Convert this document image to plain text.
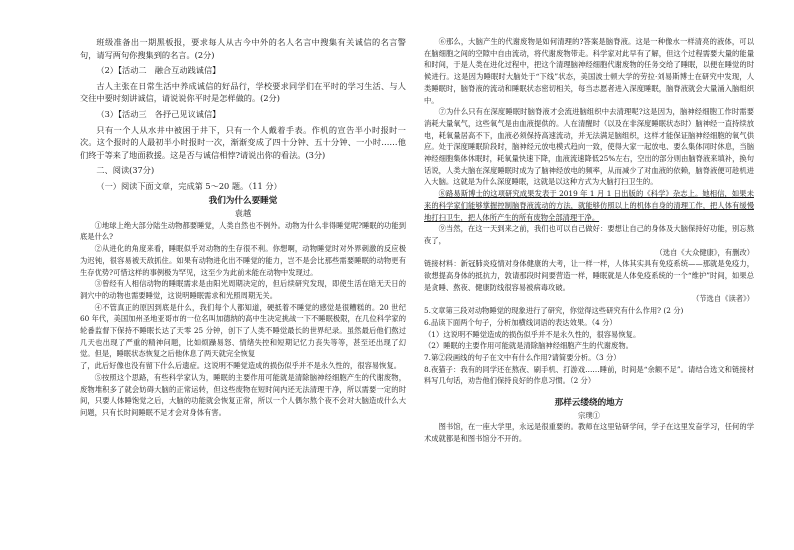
班级准备出一期黑板报，要求每人从古今中外的名人名言中搜集有关诚信的名言警句，请写两句你搜集到的名言。(2分)

（2）【活动二　融合互动践诚信】

古人主张在日常生活中养成诚信的好品行，学校要求同学们在平时的学习生活、与人交往中要时刻讲诚信，请说说你平时是怎样做的。(2分)

（3）【活动三　各抒己见议诚信】

只有一个人从水井中被困于井下，只有一个人戴着手表。作机的宣告半小时报时一次。这个报时的人最初半小时报时一次，渐渐变成了四十分钟、五十分钟、一小时……他们终于等来了地面救援。这是否与诚信相悖?请说出你的看法。(3分)

二、阅读(37分)

（一）阅读下面文章，完成第 5～20 题。（11 分）

我们为什么要睡觉

袁越

①地球上绝大部分陆生动物都要睡觉，人类自然也不例外。动物为什么非得睡觉呢?睡眠的功能到底是什么?

②从进化的角度来看，睡眠似乎对动物的生存很不利。你想啊，动物睡觉时对外界刺激的反应极为迟钝，很容易被天敌抓住。如果有动物进化出不睡觉的能力，岂不是会比那些需要睡眠的动物更有生存优势?可惜这样的事例极为罕见，这至少为此前未能在动物中发现过。

③曾经有人相信动物的睡眠需求是由阳光周期决定的，但后续研究发现，即使生活在暗无天日的洞穴中的动物也需要睡觉，这说明睡眠需求和光照周期无关。

④不管真正的原因到底是什么，我们每个人都知道，硬抵着不睡觉的感觉是很糟糕的。20 世纪 60 年代，美国加州圣地亚哥市的一位名叫加德纳的高中生决定挑战一下不睡眠极限，在几位科学家的轮番监督下保持不睡眠长达了天零 25 分钟，创下了人类不睡觉最长的世界纪录。虽然最后他们熬过几天也出现了严重的精神问题，比如烦躁易怒、情绪失控和短期记忆力丧失等等，甚至还出现了幻觉。但是，睡眠状态恢复之后他休息了两天就完全恢复

了，此后好像也没有留下什么后遗症。这说明不睡觉造成的损伤似乎并不是永久性的，很容易恢复。

⑤按照这个思路，有些科学家认为，睡眠的主要作用可能就是清除脑神经细胞产生的代谢废物，废物堆积多了就会妨碍大脑的正常运转，但这些废物在短时间内还无法清理干净，所以需要一定的时间，只要人体睡饱觉之后，大脑的功能就会恢复正常，所以一个人偶尔熬个夜不会对大脑造成什么大问题，只有长时间睡眠不足才会对身体有害。

⑥那么，大脑产生的代谢废物是如何清理的?答案是脑脊液。这是一种像水一样清亮的液体，可以在脑细胞之间的空隙中自由流动，将代谢废物带走。科学家对此早有了解，但这个过程需要大量的能量和时间，于是人类在进化过程中，把这个清理脑神经细胞代谢废物的任务交给了睡眠，以便在睡觉的时候进行。这是因为睡眠时大脑处于“下线”状态，美国波士顿大学的劳拉·刘易斯博士在研究中发现，人类睡眠时，脑脊液的流动和睡眠状态密切相关，每当志愿者进入深度睡眠，脑脊液就会大量涌入脑组织中。

⑦为什么只有在深度睡眠时脑脊液才会流进脑组织中去清理呢?这是因为，脑神经细胞工作时需要消耗大量氧气，这些氧气是由血液提供的。人在清醒时（以及在非深度睡眠状态时）脑神经一直持续放电，耗氧量居高不下，血液必须保持高速流动，并无法满足脑组织，这样才能保证脑神经细胞的氧气供应。处于深度睡眠阶段时，脑神经元放电模式趋向一致，使得大家一起放电、要么集体同时休息，当脑神经细胞集体休眠时，耗氧量快速下降，血液流速降低25%左右，空出的部分则由脑脊液来填补，换句话说，人类大脑在深度睡眠时成为了脑神经放电的频率，从而减少了对血液的依赖，脑脊液便可趁机进入大脑。这就是为什么深度睡眠，这就是以这种方式为大脑打扫卫生的。

⑧路易斯博士的这项研究成果发表于 2019 年 1 月 1 日出版的《科学》杂志上。她相信，如果未来的科学家们能够掌握控制脑脊液流动的方法，就能够仿照以上的机体自身的清理工作，把人体有缓慢地打扫卫生，把人体所产生的所有废物全部清理干净。

⑨当然，在这一天到来之前，我们也可以自己做好：要想让自己的身体及大脑保持好功能，别忘熬夜了，

（选自《大众健康》，有删改）

链接材料：新冠肺炎疫情对身体健康的大考，让一样一样，人体其实具有免疫系统——那就是免疫力，欲想提高身体的抵抗力，敦请那段时间要营造一样，睡眠就是人体免疫系统的一个“维护”时间，如果总是贪睡、熬夜、健康防线很容易被病毒攻破。

（节选自《读者》）

5.文章第三段对动物睡觉的现象进行了研究，你觉得这些研究有什么作用? (2 分)

6.品读下面两个句子，分析加横线词语的表达效果。（4 分）

（1）这说明不睡觉造成的损伤似乎并不是永久性的，很容易恢复。

（2）睡眠的主要作用可能就是清除脑神经细胞产生的代谢废物。

7.第②段画线的句子在文中有什么作用?请简要分析。（3 分）

8.夜猫子：我有的同学还在熬夜、刷手机、打游戏……睡前，时间是“余额不足”。请结合选文和链接材料写几句话，劝告他们保持良好的作息习惯。（2 分）

那样云缕绕的地方

宗璞①

图书馆，在一座大学里，永远是很重要的。教师在这里钻研学问，学子在这里发奋学习，任何的学术成就都是和图书馆分不开的。
